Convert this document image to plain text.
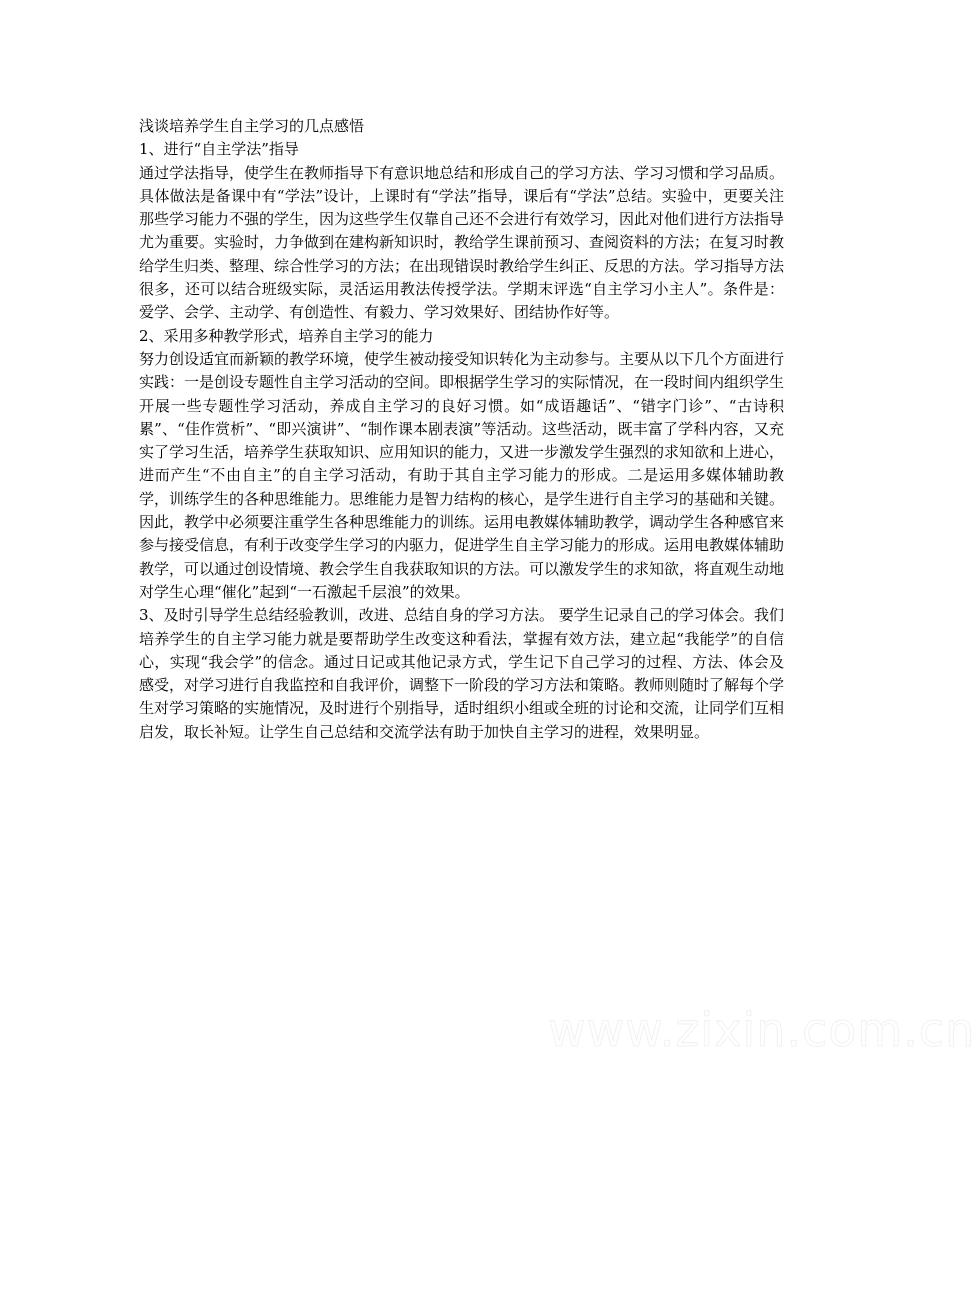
浅谈培养学生自主学习的几点感悟

1、进行“自主学法”指导

通过学法指导，使学生在教师指导下有意识地总结和形成自己的学习方法、学习习惯和学习品质。具体做法是备课中有“学法”设计，上课时有“学法”指导，课后有“学法”总结。实验中，更要关注那些学习能力不强的学生，因为这些学生仅靠自己还不会进行有效学习，因此对他们进行方法指导尤为重要。实验时，力争做到在建构新知识时，教给学生课前预习、查阅资料的方法；在复习时教给学生归类、整理、综合性学习的方法；在出现错误时教给学生纠正、反思的方法。学习指导方法很多，还可以结合班级实际，灵活运用教法传授学法。学期末评选“自主学习小主人”。条件是：爱学、会学、主动学、有创造性、有毅力、学习效果好、团结协作好等。

2、采用多种教学形式，培养自主学习的能力

努力创设适宜而新颖的教学环境，使学生被动接受知识转化为主动参与。主要从以下几个方面进行实践：一是创设专题性自主学习活动的空间。即根据学生学习的实际情况，在一段时间内组织学生开展一些专题性学习活动，养成自主学习的良好习惯。如“成语趣话”、“错字门诊”、“古诗积累”、“佳作赏析”、“即兴演讲”、“制作课本剧表演”等活动。这些活动，既丰富了学科内容，又充实了学习生活，培养学生获取知识、应用知识的能力，又进一步激发学生强烈的求知欲和上进心，进而产生“不由自主”的自主学习活动，有助于其自主学习能力的形成。二是运用多媒体辅助教学，训练学生的各种思维能力。思维能力是智力结构的核心，是学生进行自主学习的基础和关键。因此，教学中必须要注重学生各种思维能力的训练。运用电教媒体辅助教学，调动学生各种感官来参与接受信息，有利于改变学生学习的内驱力，促进学生自主学习能力的形成。运用电教媒体辅助教学，可以通过创设情境、教会学生自我获取知识的方法。可以激发学生的求知欲，将直观生动地对学生心理“催化”起到“一石激起千层浪”的效果。

3、及时引导学生总结经验教训，改进、总结自身的学习方法。 要学生记录自己的学习体会。我们培养学生的自主学习能力就是要帮助学生改变这种看法，掌握有效方法，建立起“我能学”的自信心，实现“我会学”的信念。通过日记或其他记录方式，学生记下自己学习的过程、方法、体会及感受，对学习进行自我监控和自我评价，调整下一阶段的学习方法和策略。教师则随时了解每个学生对学习策略的实施情况，及时进行个别指导，适时组织小组或全班的讨论和交流，让同学们互相启发，取长补短。让学生自己总结和交流学法有助于加快自主学习的进程，效果明显。

www.zixin.com.cn
